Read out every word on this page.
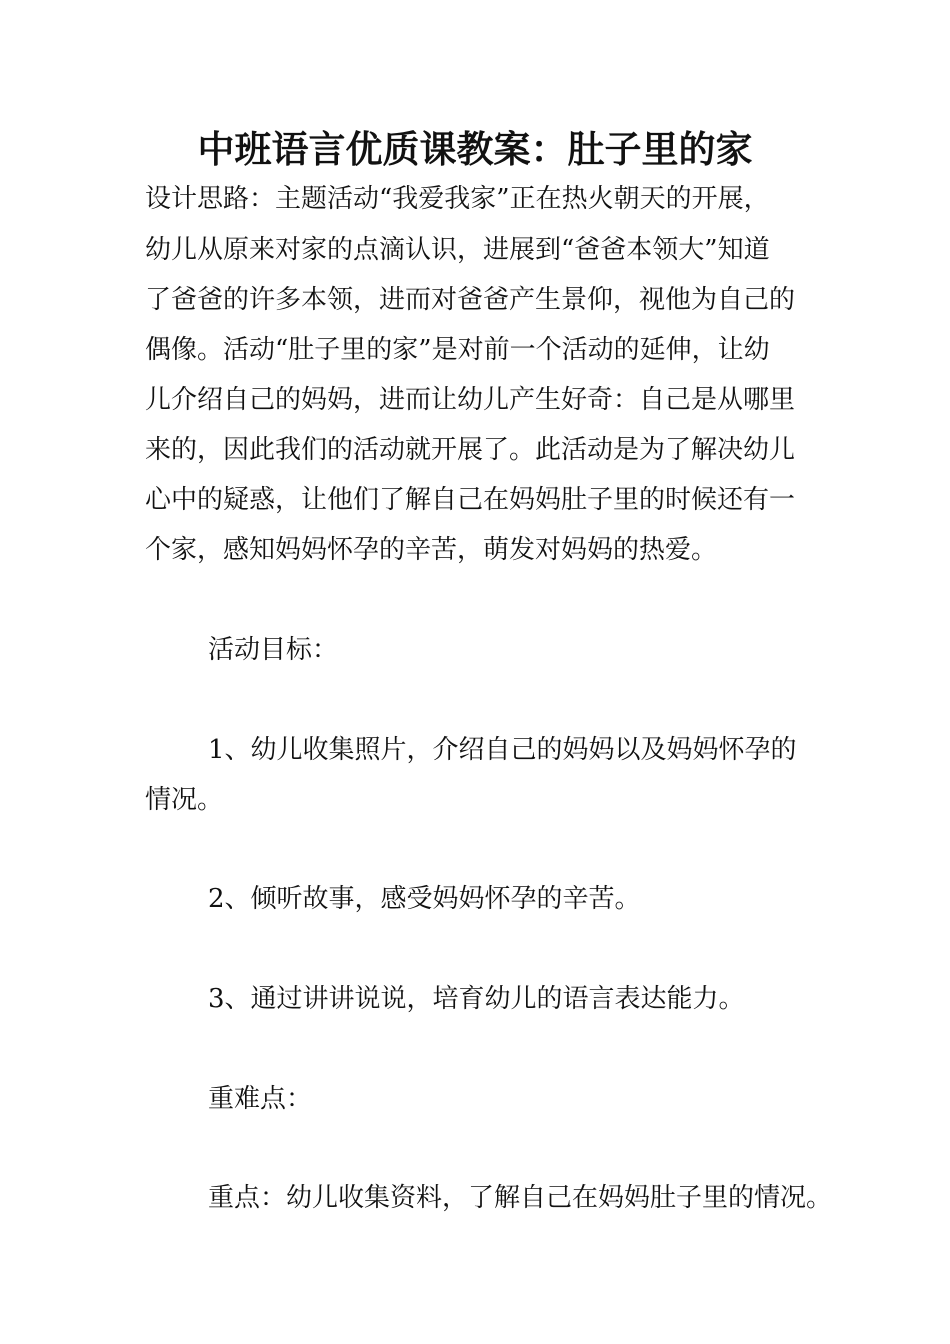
中班语言优质课教案：肚子里的家
设计思路：主题活动“我爱我家”正在热火朝天的开展，
幼儿从原来对家的点滴认识，进展到“爸爸本领大”知道
了爸爸的许多本领，进而对爸爸产生景仰，视他为自己的
偶像。活动“肚子里的家”是对前一个活动的延伸，让幼
儿介绍自己的妈妈，进而让幼儿产生好奇：自己是从哪里
来的，因此我们的活动就开展了。此活动是为了解决幼儿
心中的疑惑，让他们了解自己在妈妈肚子里的时候还有一
个家，感知妈妈怀孕的辛苦，萌发对妈妈的热爱。
活动目标：
1、幼儿收集照片，介绍自己的妈妈以及妈妈怀孕的
情况。
2、倾听故事，感受妈妈怀孕的辛苦。
3、通过讲讲说说，培育幼儿的语言表达能力。
重难点：
重点：幼儿收集资料，了解自己在妈妈肚子里的情况。
